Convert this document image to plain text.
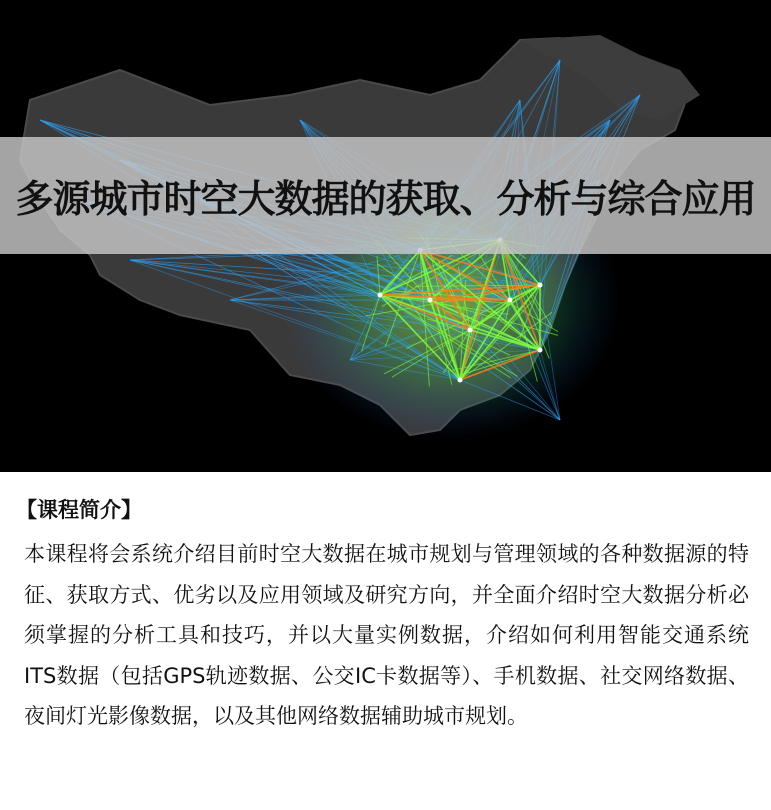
多源城市时空大数据的获取、分析与综合应用
【课程简介】
本课程将会系统介绍目前时空大数据在城市规划与管理领域的各种数据源的特征、获取方式、优劣以及应用领域及研究方向，并全面介绍时空大数据分析必须掌握的分析工具和技巧，并以大量实例数据，介绍如何利用智能交通系统ITS数据（包括GPS轨迹数据、公交IC卡数据等）、手机数据、社交网络数据、夜间灯光影像数据，以及其他网络数据辅助城市规划。
